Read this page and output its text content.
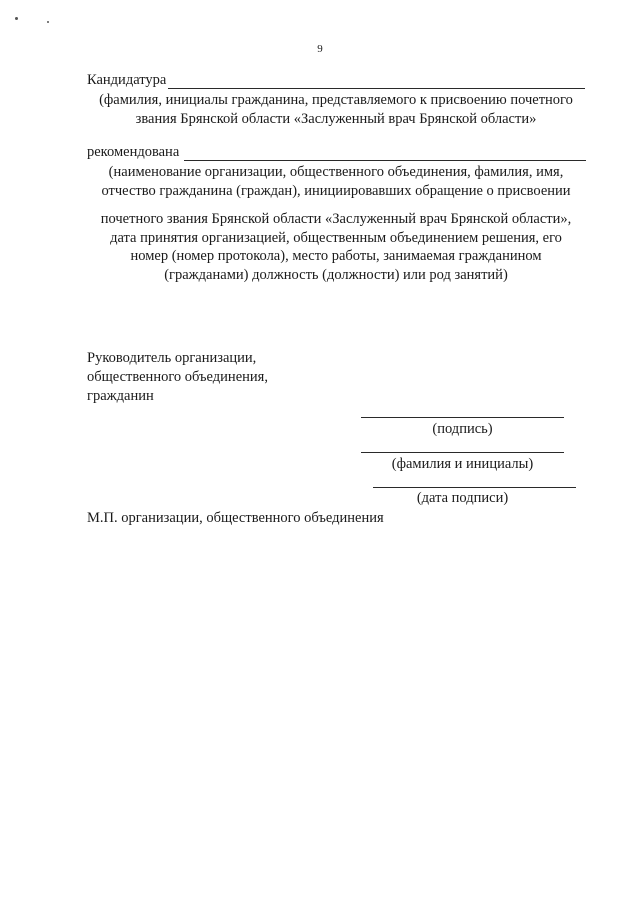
9
Кандидатура
(фамилия, инициалы гражданина, представляемого к присвоению почетного
звания Брянской области «Заслуженный врач Брянской области»
рекомендована
(наименование организации, общественного объединения, фамилия, имя,
отчество гражданина (граждан), инициировавших обращение о присвоении
почетного звания Брянской области «Заслуженный врач Брянской области»,
дата принятия организацией, общественным объединением решения, его
номер (номер протокола), место работы, занимаемая гражданином
(гражданами) должность (должности) или род занятий)
Руководитель организации,
общественного объединения,
гражданин
(подпись)
(фамилия и инициалы)
(дата подписи)
М.П. организации, общественного объединения
